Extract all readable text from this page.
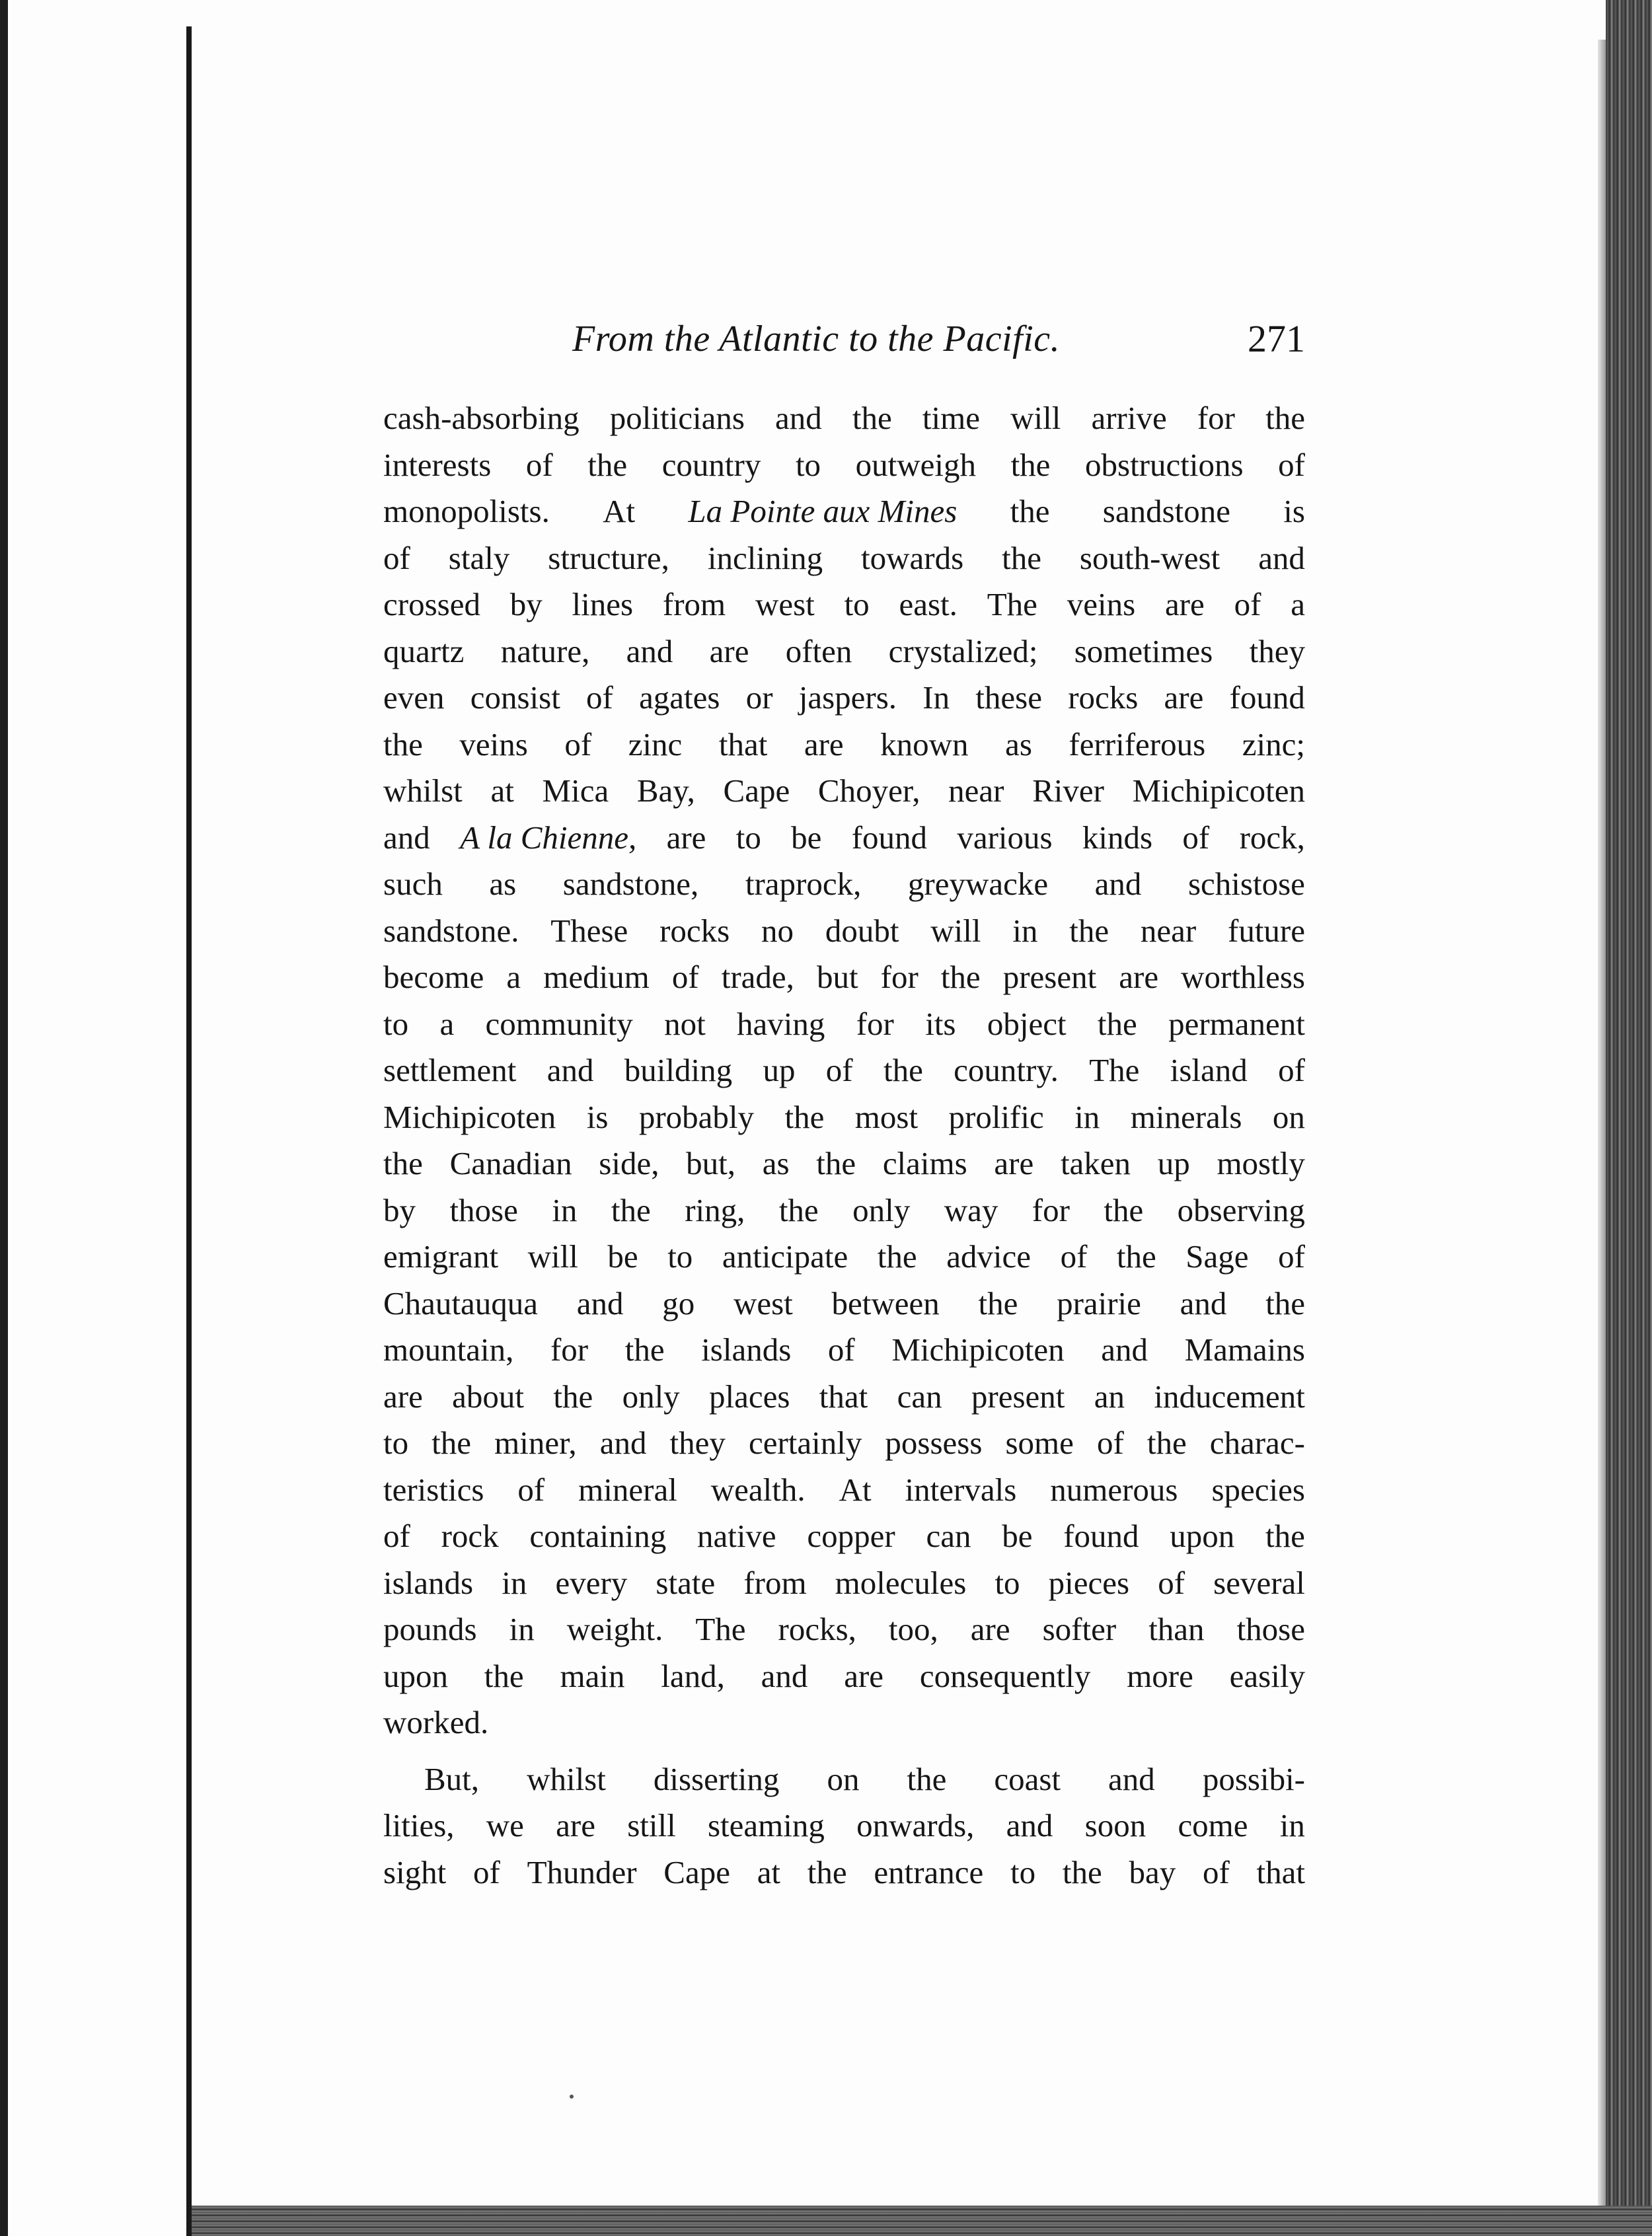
From the Atlantic to the Pacific.	271
cash-absorbing politicians and the time will arrive for the
interests of the country to outweigh the obstructions of
monopolists. At La Pointe aux Mines the sandstone is
of staly structure, inclining towards the south-west and
crossed by lines from west to east. The veins are of a
quartz nature, and are often crystalized; sometimes they
even consist of agates or jaspers. In these rocks are found
the veins of zinc that are known as ferriferous zinc;
whilst at Mica Bay, Cape Choyer, near River Michipicoten
and A la Chienne, are to be found various kinds of rock,
such as sandstone, traprock, greywacke and schistose
sandstone. These rocks no doubt will in the near future
become a medium of trade, but for the present are worthless
to a community not having for its object the permanent
settlement and building up of the country. The island of
Michipicoten is probably the most prolific in minerals on
the Canadian side, but, as the claims are taken up mostly
by those in the ring, the only way for the observing
emigrant will be to anticipate the advice of the Sage of
Chautauqua and go west between the prairie and the
mountain, for the islands of Michipicoten and Mamains
are about the only places that can present an inducement
to the miner, and they certainly possess some of the charac-
teristics of mineral wealth. At intervals numerous species
of rock containing native copper can be found upon the
islands in every state from molecules to pieces of several
pounds in weight. The rocks, too, are softer than those
upon the main land, and are consequently more easily
worked.
But, whilst disserting on the coast and possibi-
lities, we are still steaming onwards, and soon come in
sight of Thunder Cape at the entrance to the bay of that
